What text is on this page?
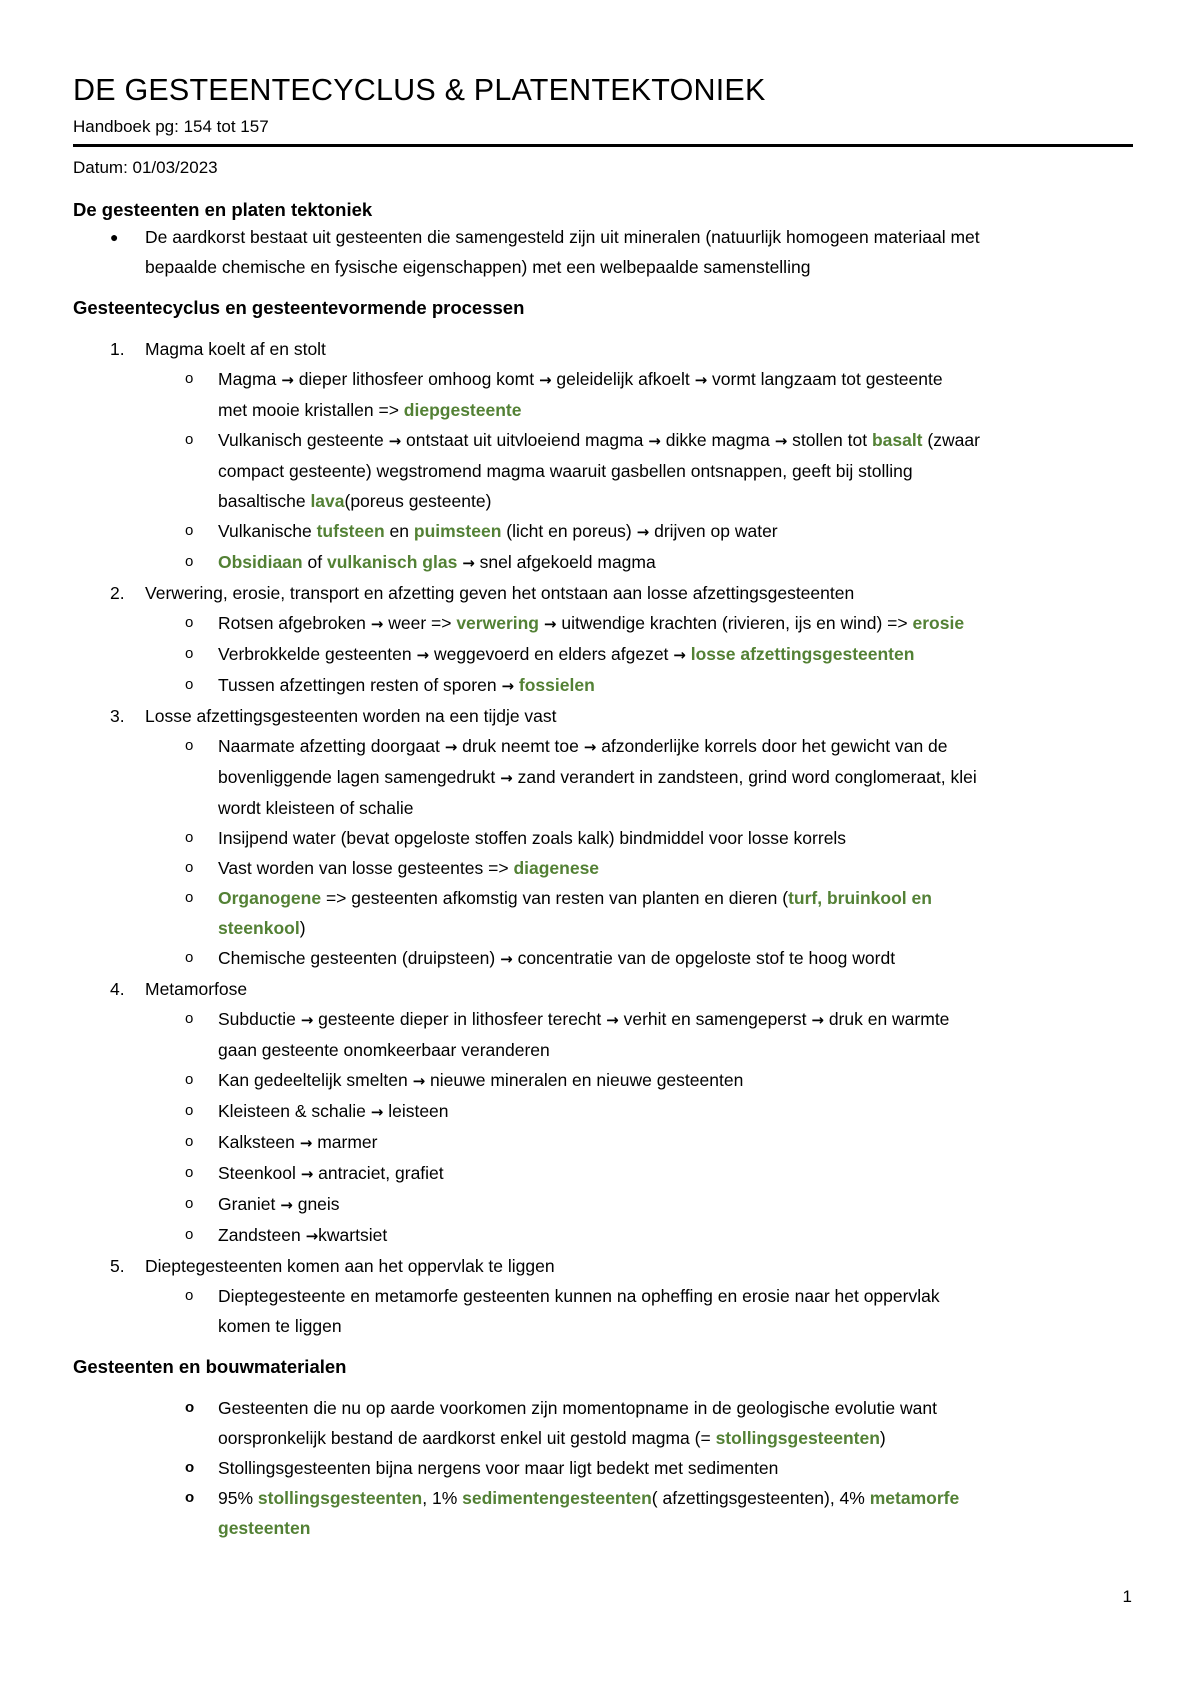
DE GESTEENTECYCLUS & PLATENTEKTONIEK
Handboek pg: 154 tot 157
Datum: 01/03/2023
De gesteenten en platen tektoniek
● De aardkorst bestaat uit gesteenten die samengesteld zijn uit mineralen (natuurlijk homogeen materiaal met
bepaalde chemische en fysische eigenschappen) met een welbepaalde samenstelling
Gesteentecyclus en gesteentevormende processen
1.	Magma koelt af en stolt
o Magma → dieper lithosfeer omhoog komt → geleidelijk afkoelt → vormt langzaam tot gesteente
met mooie kristallen => diepgesteente
o Vulkanisch gesteente → ontstaat uit uitvloeiend magma → dikke magma → stollen tot basalt (zwaar
compact gesteente) wegstromend magma waaruit gasbellen ontsnappen, geeft bij stolling
basaltische lava(poreus gesteente)
o Vulkanische tufsteen en puimsteen (licht en poreus) → drijven op water
o Obsidiaan of vulkanisch glas → snel afgekoeld magma
2.	Verwering, erosie, transport en afzetting geven het ontstaan aan losse afzettingsgesteenten
o Rotsen afgebroken → weer => verwering → uitwendige krachten (rivieren, ijs en wind) => erosie
o Verbrokkelde gesteenten → weggevoerd en elders afgezet → losse afzettingsgesteenten
o Tussen afzettingen resten of sporen → fossielen
3.	Losse afzettingsgesteenten worden na een tijdje vast
o Naarmate afzetting doorgaat → druk neemt toe → afzonderlijke korrels door het gewicht van de
bovenliggende lagen samengedrukt → zand verandert in zandsteen, grind word conglomeraat, klei
wordt kleisteen of schalie
o Insijpend water (bevat opgeloste stoffen zoals kalk) bindmiddel voor losse korrels
o Vast worden van losse gesteentes => diagenese
o Organogene => gesteenten afkomstig van resten van planten en dieren (turf, bruinkool en
steenkool)
o Chemische gesteenten (druipsteen) → concentratie van de opgeloste stof te hoog wordt
4.	Metamorfose
o Subductie → gesteente dieper in lithosfeer terecht → verhit en samengeperst → druk en warmte
gaan gesteente onomkeerbaar veranderen
o Kan gedeeltelijk smelten → nieuwe mineralen en nieuwe gesteenten
o Kleisteen & schalie → leisteen
o Kalksteen → marmer
o Steenkool → antraciet, grafiet
o Graniet → gneis
o Zandsteen →kwartsiet
5.	Dieptegesteenten komen aan het oppervlak te liggen
o Dieptegesteente en metamorfe gesteenten kunnen na opheffing en erosie naar het oppervlak
komen te liggen
Gesteenten en bouwmaterialen
o Gesteenten die nu op aarde voorkomen zijn momentopname in de geologische evolutie want
oorspronkelijk bestand de aardkorst enkel uit gestold magma (= stollingsgesteenten)
o Stollingsgesteenten bijna nergens voor maar ligt bedekt met sedimenten
o 95% stollingsgesteenten, 1% sedimentengesteenten( afzettingsgesteenten), 4% metamorfe
gesteenten
1
